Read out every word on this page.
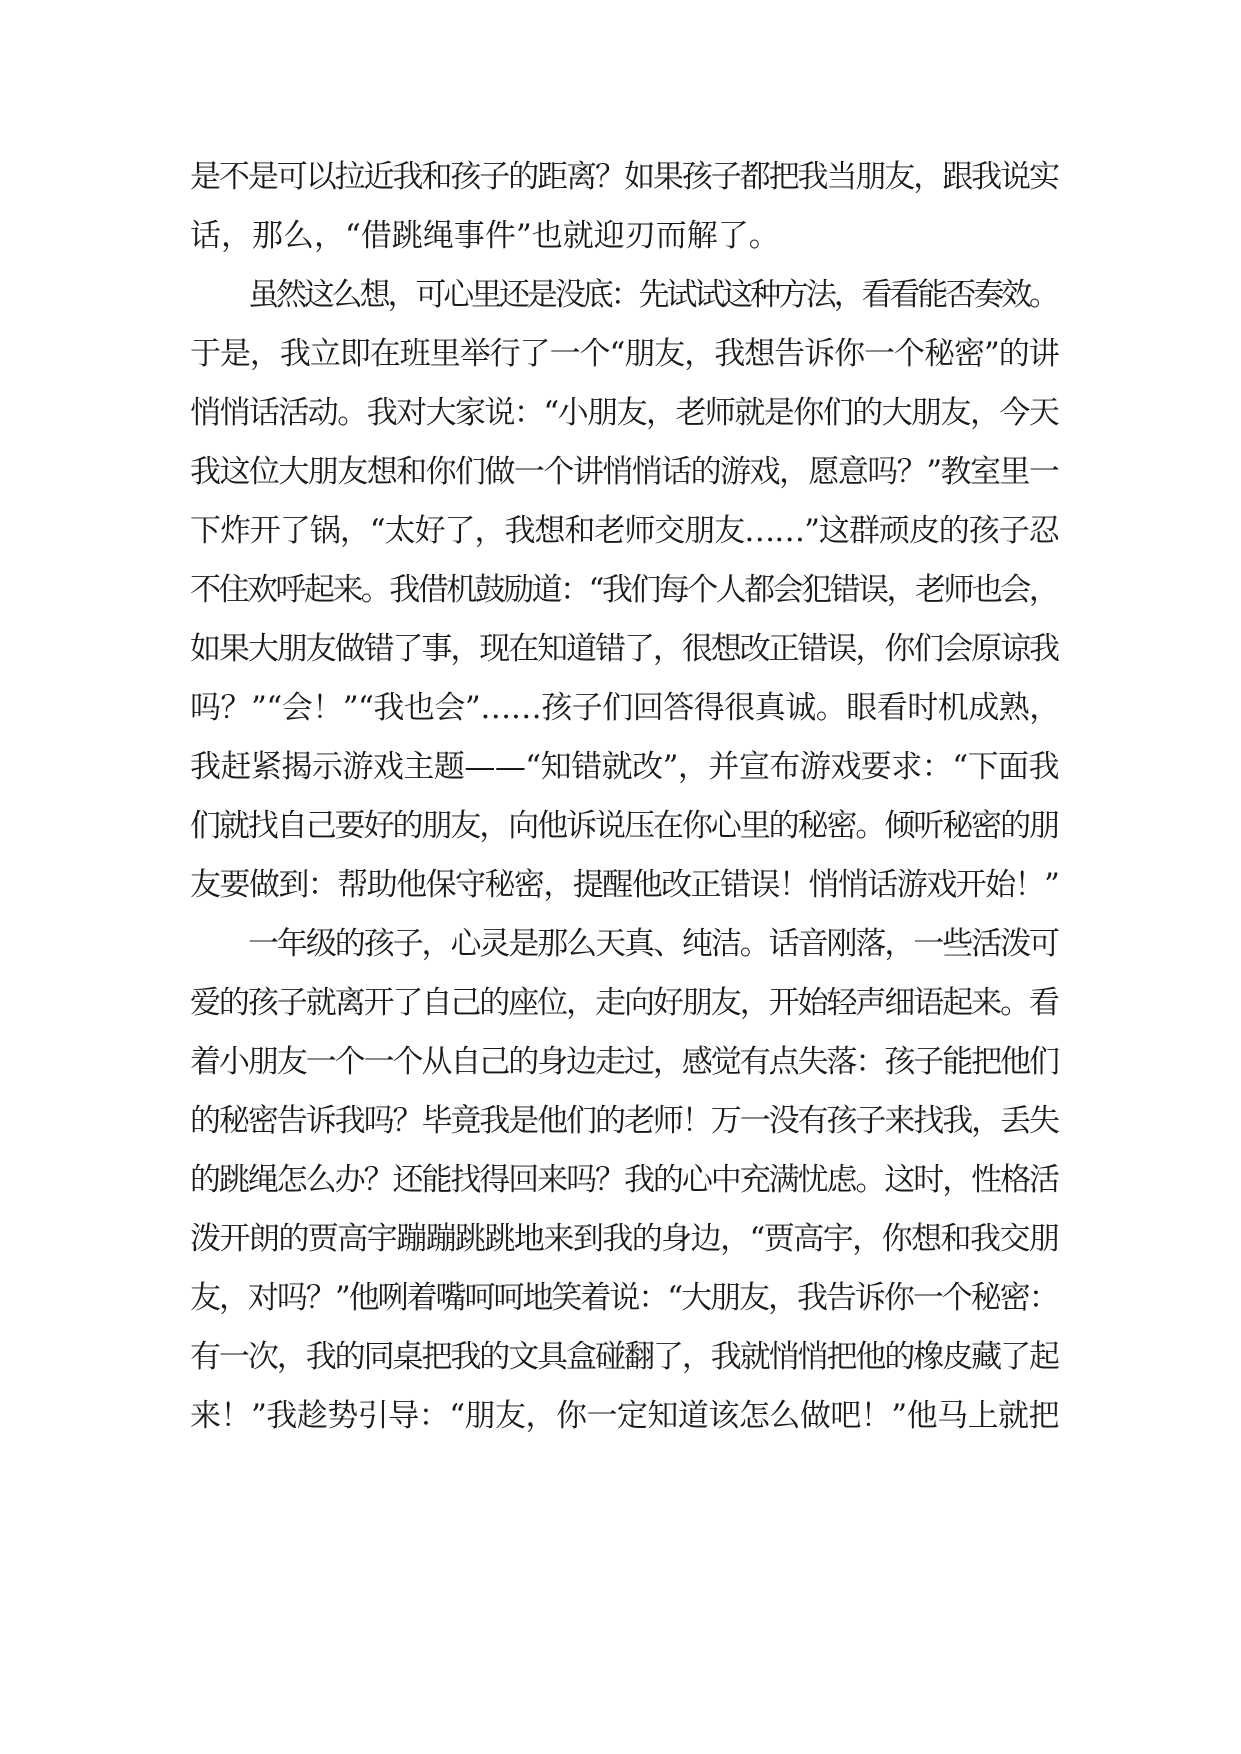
是不是可以拉近我和孩子的距离？如果孩子都把我当朋友，跟我说实
话，那么，“借跳绳事件”也就迎刃而解了。
虽然这么想，可心里还是没底：先试试这种方法，看看能否奏效。
于是，我立即在班里举行了一个“朋友，我想告诉你一个秘密”的讲
悄悄话活动。我对大家说：“小朋友，老师就是你们的大朋友，今天
我这位大朋友想和你们做一个讲悄悄话的游戏，愿意吗？”教室里一
下炸开了锅，“太好了，我想和老师交朋友……”这群顽皮的孩子忍
不住欢呼起来。我借机鼓励道：“我们每个人都会犯错误，老师也会，
如果大朋友做错了事，现在知道错了，很想改正错误，你们会原谅我
吗？”“会！”“我也会”……孩子们回答得很真诚。眼看时机成熟，
我赶紧揭示游戏主题——“知错就改”，并宣布游戏要求：“下面我
们就找自己要好的朋友，向他诉说压在你心里的秘密。倾听秘密的朋
友要做到：帮助他保守秘密，提醒他改正错误！悄悄话游戏开始！”
一年级的孩子，心灵是那么天真、纯洁。话音刚落，一些活泼可
爱的孩子就离开了自己的座位，走向好朋友，开始轻声细语起来。看
着小朋友一个一个从自己的身边走过，感觉有点失落：孩子能把他们
的秘密告诉我吗？毕竟我是他们的老师！万一没有孩子来找我，丢失
的跳绳怎么办？还能找得回来吗？我的心中充满忧虑。这时，性格活
泼开朗的贾高宇蹦蹦跳跳地来到我的身边，“贾高宇，你想和我交朋
友，对吗？”他咧着嘴呵呵地笑着说：“大朋友，我告诉你一个秘密：
有一次，我的同桌把我的文具盒碰翻了，我就悄悄把他的橡皮藏了起
来！”我趁势引导：“朋友，你一定知道该怎么做吧！”他马上就把
